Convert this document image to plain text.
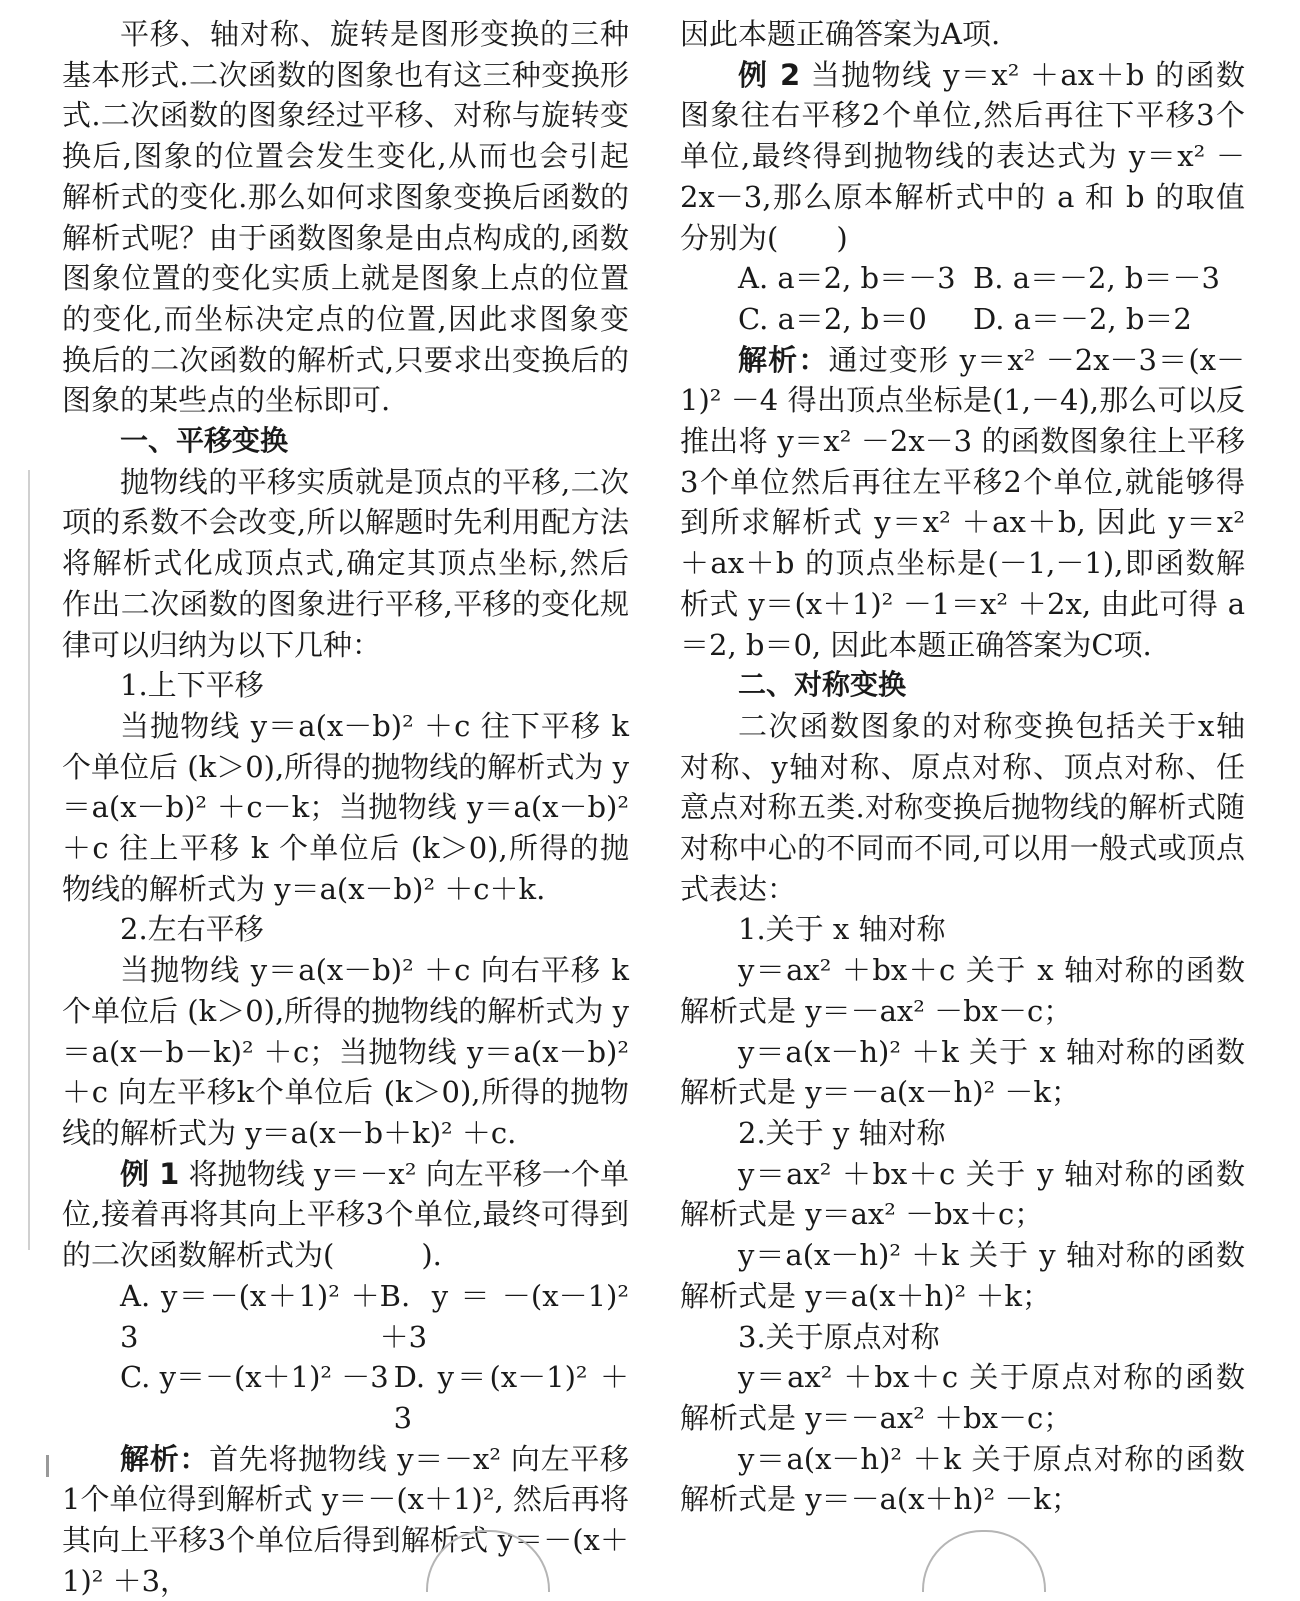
平移、轴对称、旋转是图形变换的三种基本形式.二次函数的图象也有这三种变换形式.二次函数的图象经过平移、对称与旋转变换后,图象的位置会发生变化,从而也会引起解析式的变化.那么如何求图象变换后函数的解析式呢？由于函数图象是由点构成的,函数图象位置的变化实质上就是图象上点的位置的变化,而坐标决定点的位置,因此求图象变换后的二次函数的解析式,只要求出变换后的图象的某些点的坐标即可.

一、平移变换

抛物线的平移实质就是顶点的平移,二次项的系数不会改变,所以解题时先利用配方法将解析式化成顶点式,确定其顶点坐标,然后作出二次函数的图象进行平移,平移的变化规律可以归纳为以下几种：

1.上下平移

当抛物线 y＝a(x－b)² ＋c 往下平移 k 个单位后 (k＞0),所得的抛物线的解析式为 y＝a(x－b)² ＋c－k；当抛物线 y＝a(x－b)² ＋c 往上平移 k 个单位后 (k＞0),所得的抛物线的解析式为 y＝a(x－b)² ＋c＋k.

2.左右平移

当抛物线 y＝a(x－b)² ＋c 向右平移 k 个单位后 (k＞0),所得的抛物线的解析式为 y＝a(x－b－k)² ＋c；当抛物线 y＝a(x－b)² ＋c 向左平移k个单位后 (k＞0),所得的抛物线的解析式为 y＝a(x－b＋k)² ＋c.

例 1 将抛物线 y＝－x² 向左平移一个单位,接着再将其向上平移3个单位,最终可得到的二次函数解析式为(　　　).

A. y＝－(x＋1)² ＋3
B. y＝－(x－1)² ＋3
C. y＝－(x＋1)² －3 D. y＝(x－1)² ＋3

解析：首先将抛物线 y＝－x² 向左平移1个单位得到解析式 y＝－(x＋1)², 然后再将其向上平移3个单位后得到解析式 y＝－(x＋1)² ＋3，

因此本题正确答案为A项.

例 2 当抛物线 y＝x² ＋ax＋b 的函数图象往右平移2个单位,然后再往下平移3个单位,最终得到抛物线的表达式为 y＝x² －2x－3,那么原本解析式中的 a 和 b 的取值分别为(　　)

A. a＝2, b＝－3 B. a＝－2, b＝－3
C. a＝2, b＝0	D. a＝－2, b＝2

解析：通过变形 y＝x² －2x－3＝(x－1)² －4 得出顶点坐标是(1,－4),那么可以反推出将 y＝x² －2x－3 的函数图象往上平移3个单位然后再往左平移2个单位,就能够得到所求解析式 y＝x² ＋ax＋b, 因此 y＝x² ＋ax＋b 的顶点坐标是(－1,－1),即函数解析式 y＝(x＋1)² －1＝x² ＋2x, 由此可得 a＝2, b＝0, 因此本题正确答案为C项.

二、对称变换

二次函数图象的对称变换包括关于x轴对称、y轴对称、原点对称、顶点对称、任意点对称五类.对称变换后抛物线的解析式随对称中心的不同而不同,可以用一般式或顶点式表达：

1.关于 x 轴对称

y＝ax² ＋bx＋c 关于 x 轴对称的函数解析式是 y＝－ax² －bx－c；

y＝a(x－h)² ＋k 关于 x 轴对称的函数解析式是 y＝－a(x－h)² －k；

2.关于 y 轴对称

y＝ax² ＋bx＋c 关于 y 轴对称的函数解析式是 y＝ax² －bx＋c；

y＝a(x－h)² ＋k 关于 y 轴对称的函数解析式是 y＝a(x＋h)² ＋k；

3.关于原点对称

y＝ax² ＋bx＋c 关于原点对称的函数解析式是 y＝－ax² ＋bx－c；

y＝a(x－h)² ＋k 关于原点对称的函数解析式是 y＝－a(x＋h)² －k；
